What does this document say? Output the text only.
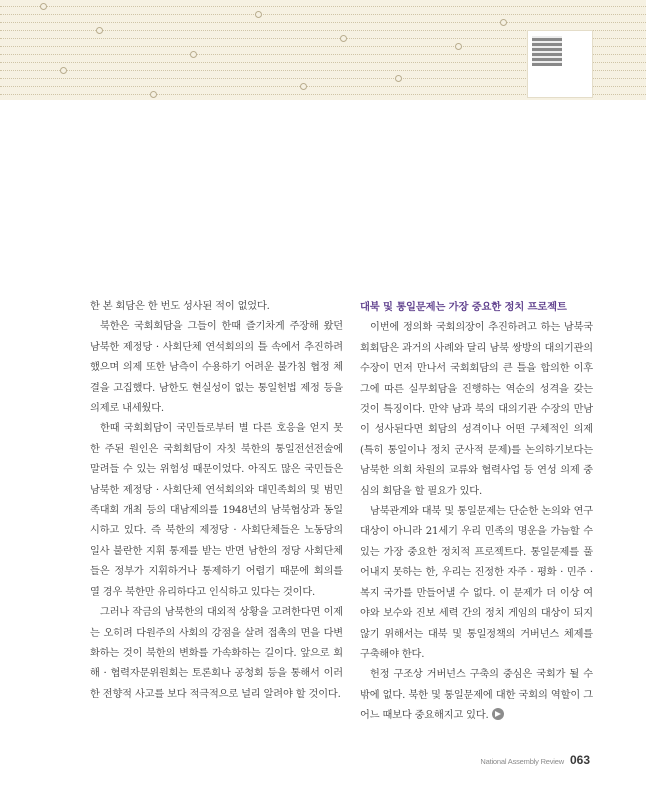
한 본 회담은 한 번도 성사된 적이 없었다.

북한은 국회회담을 그들이 한때 즐기차게 주장해 왔던 남북한 제정당 · 사회단체 연석회의의 틀 속에서 추진하려 했으며 의제 또한 남측이 수용하기 어려운 불가침 협정 체결을 고집했다. 남한도 현실성이 없는 통일헌법 제정 등을 의제로 내세웠다.

한때 국회회담이 국민들로부터 별 다른 호응을 얻지 못한 주된 원인은 국회회담이 자칫 북한의 통일전선전술에 말려들 수 있는 위험성 때문이었다. 아직도 많은 국민들은 남북한 제정당 · 사회단체 연석회의와 대민족회의 및 범민족대회 개최 등의 대남제의를 1948년의 남북협상과 동일시하고 있다. 즉 북한의 제정당 · 사회단체들은 노동당의 일사 불란한 지휘 통제를 받는 반면 남한의 정당 사회단체들은 정부가 지휘하거나 통제하기 어렵기 때문에 회의를 열 경우 북한만 유리하다고 인식하고 있다는 것이다.

그러나 작금의 남북한의 대외적 상황을 고려한다면 이제는 오히려 다원주의 사회의 강점을 살려 접촉의 면을 다변화하는 것이 북한의 변화를 가속화하는 길이다. 앞으로 회해 · 협력자문위원회는 토론회나 공청회 등을 통해서 이러한 전향적 사고를 보다 적극적으로 널리 알려야 할 것이다.

대북 및 통일문제는 가장 중요한 정치 프로젝트

이번에 정의화 국회의장이 추진하려고 하는 남북국회회담은 과거의 사례와 달리 남북 쌍방의 대의기관의 수장이 먼저 만나서 국회회담의 큰 틀을 합의한 이후 그에 따른 실무회담을 진행하는 역순의 성격을 갖는 것이 특징이다. 만약 남과 북의 대의기관 수장의 만남이 성사된다면 회담의 성격이나 어떤 구체적인 의제(특히 통일이나 정치 군사적 문제)를 논의하기보다는 남북한 의회 차원의 교류와 협력사업 등 연성 의제 중심의 회담을 할 필요가 있다.

남북관계와 대북 및 통일문제는 단순한 논의와 연구대상이 아니라 21세기 우리 민족의 명운을 가늠할 수 있는 가장 중요한 정치적 프로젝트다. 통일문제를 풀어내지 못하는 한, 우리는 진정한 자주 · 평화 · 민주 · 복지 국가를 만들어낼 수 없다. 이 문제가 더 이상 여야와 보수와 진보 세력 간의 정치 게임의 대상이 되지 않기 위해서는 대북 및 통일정책의 거버넌스 체제를 구축해야 한다.

헌정 구조상 거버넌스 구축의 중심은 국회가 될 수밖에 없다. 북한 및 통일문제에 대한 국회의 역할이 그 어느 때보다 중요해지고 있다.

National Assembly Review 063
